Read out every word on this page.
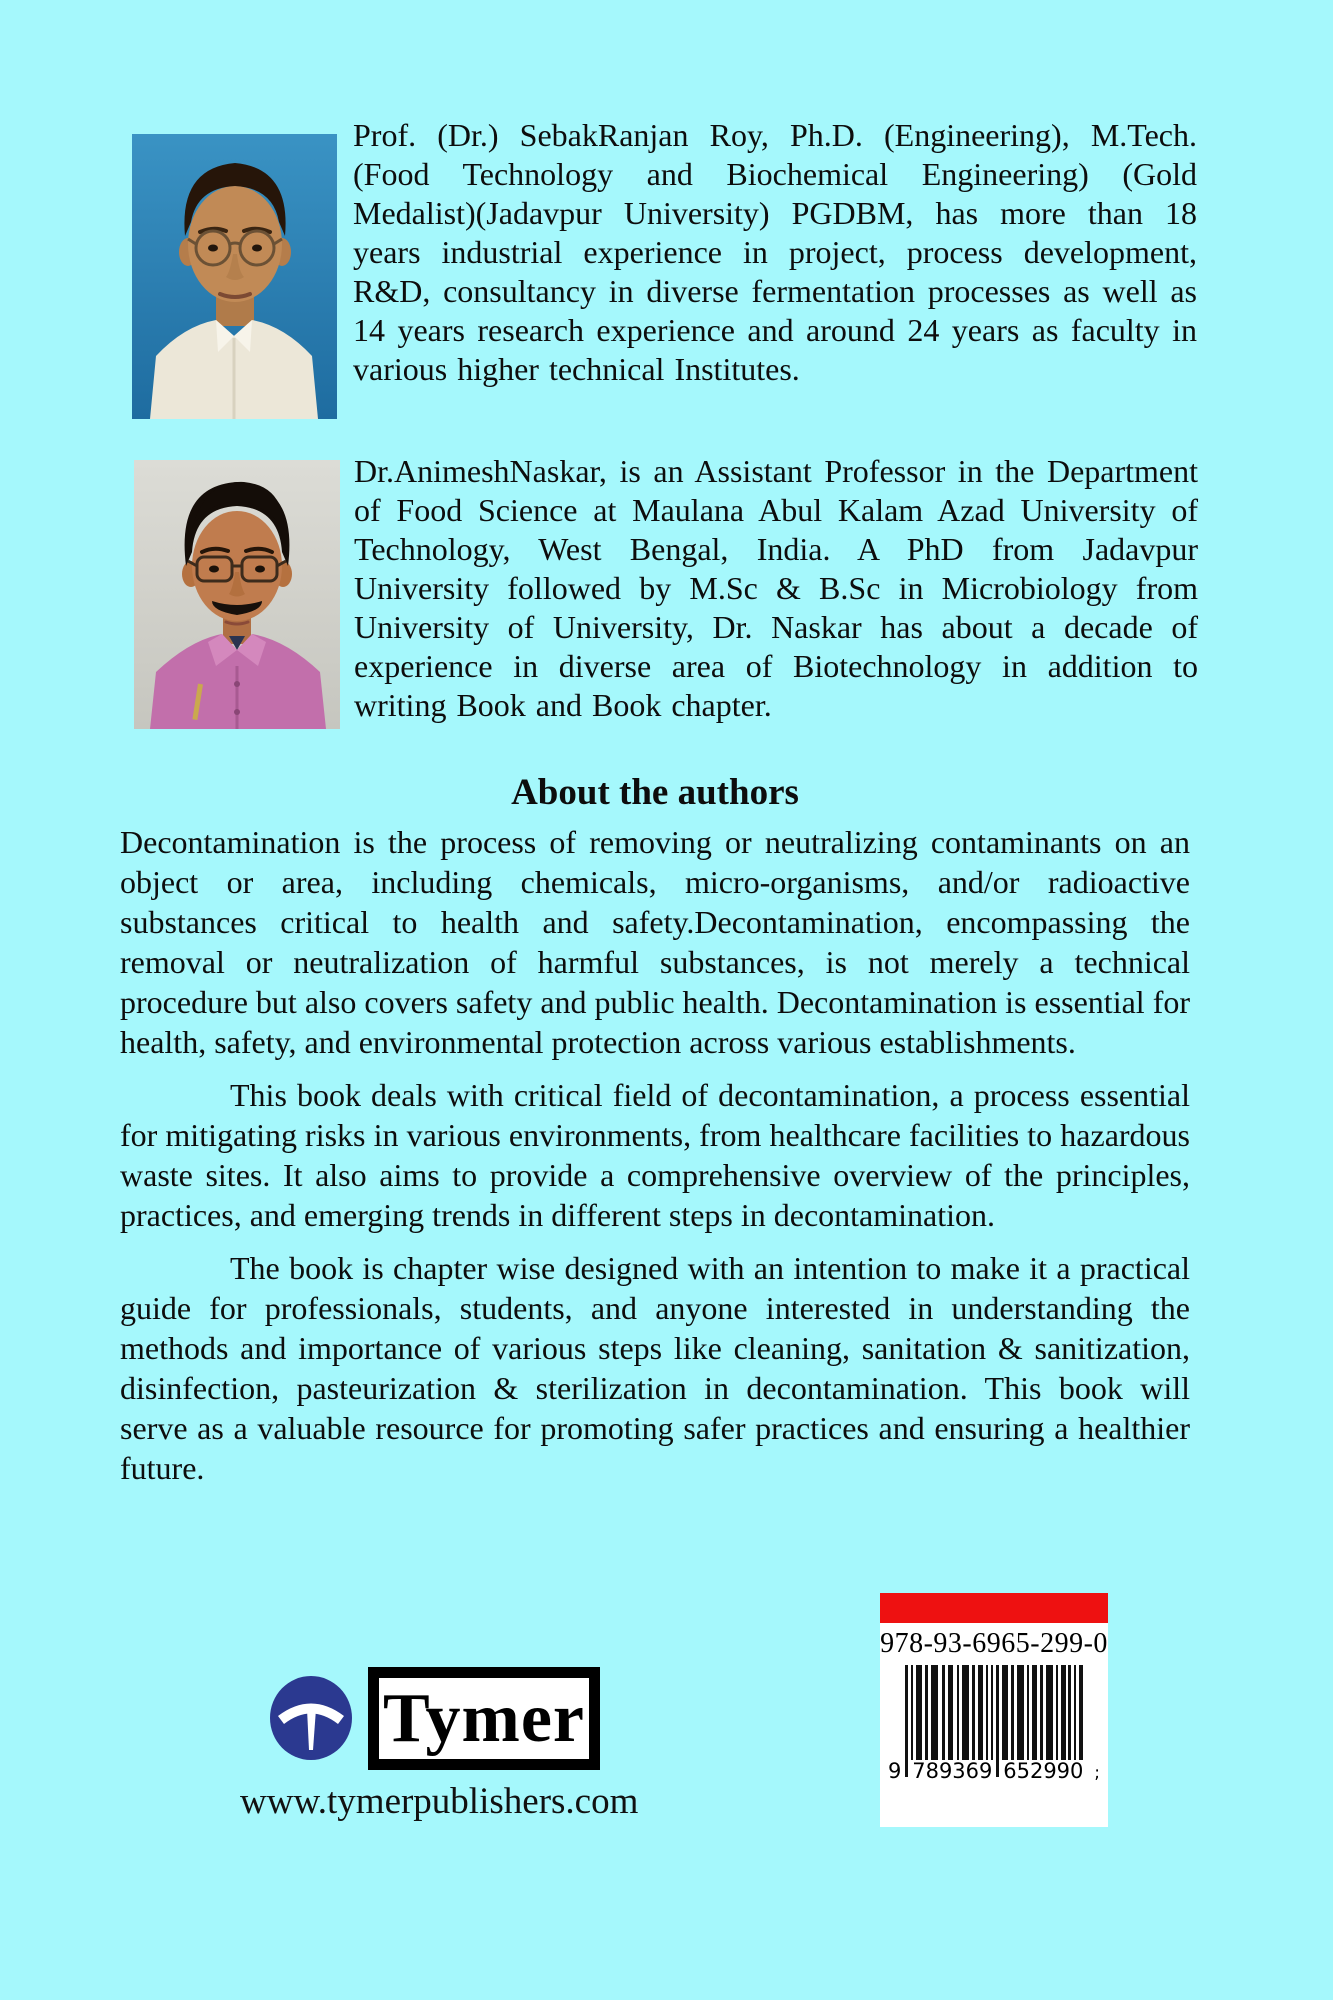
Prof. (Dr.) SebakRanjan Roy, Ph.D. (Engineering), M.Tech. (Food Technology and Biochemical Engineering) (Gold Medalist)(Jadavpur University) PGDBM, has more than 18 years industrial experience in project, process development, R&D, consultancy in diverse fermentation processes as well as 14 years research experience and around 24 years as faculty in various higher technical Institutes.

Dr.AnimeshNaskar, is an Assistant Professor in the Department of Food Science at Maulana Abul Kalam Azad University of Technology, West Bengal, India. A PhD from Jadavpur University followed by M.Sc & B.Sc in Microbiology from University of University, Dr. Naskar has about a decade of experience in diverse area of Biotechnology in addition to writing Book and Book chapter.

About the authors

Decontamination is the process of removing or neutralizing contaminants on an object or area, including chemicals, micro-organisms, and/or radioactive substances critical to health and safety.Decontamination, encompassing the removal or neutralization of harmful substances, is not merely a technical procedure but also covers safety and public health. Decontamination is essential for health, safety, and environmental protection across various establishments.

This book deals with critical field of decontamination, a process essential for mitigating risks in various environments, from healthcare facilities to hazardous waste sites. It also aims to provide a comprehensive overview of the principles, practices, and emerging trends in different steps in decontamination.

The book is chapter wise designed with an intention to make it a practical guide for professionals, students, and anyone interested in understanding the methods and importance of various steps like cleaning, sanitation & sanitization, disinfection, pasteurization & sterilization in decontamination. This book will serve as a valuable resource for promoting safer practices and ensuring a healthier future.

Tymer
www.tymerpublishers.com
978-93-6965-299-0
9 789369 652990 ;
